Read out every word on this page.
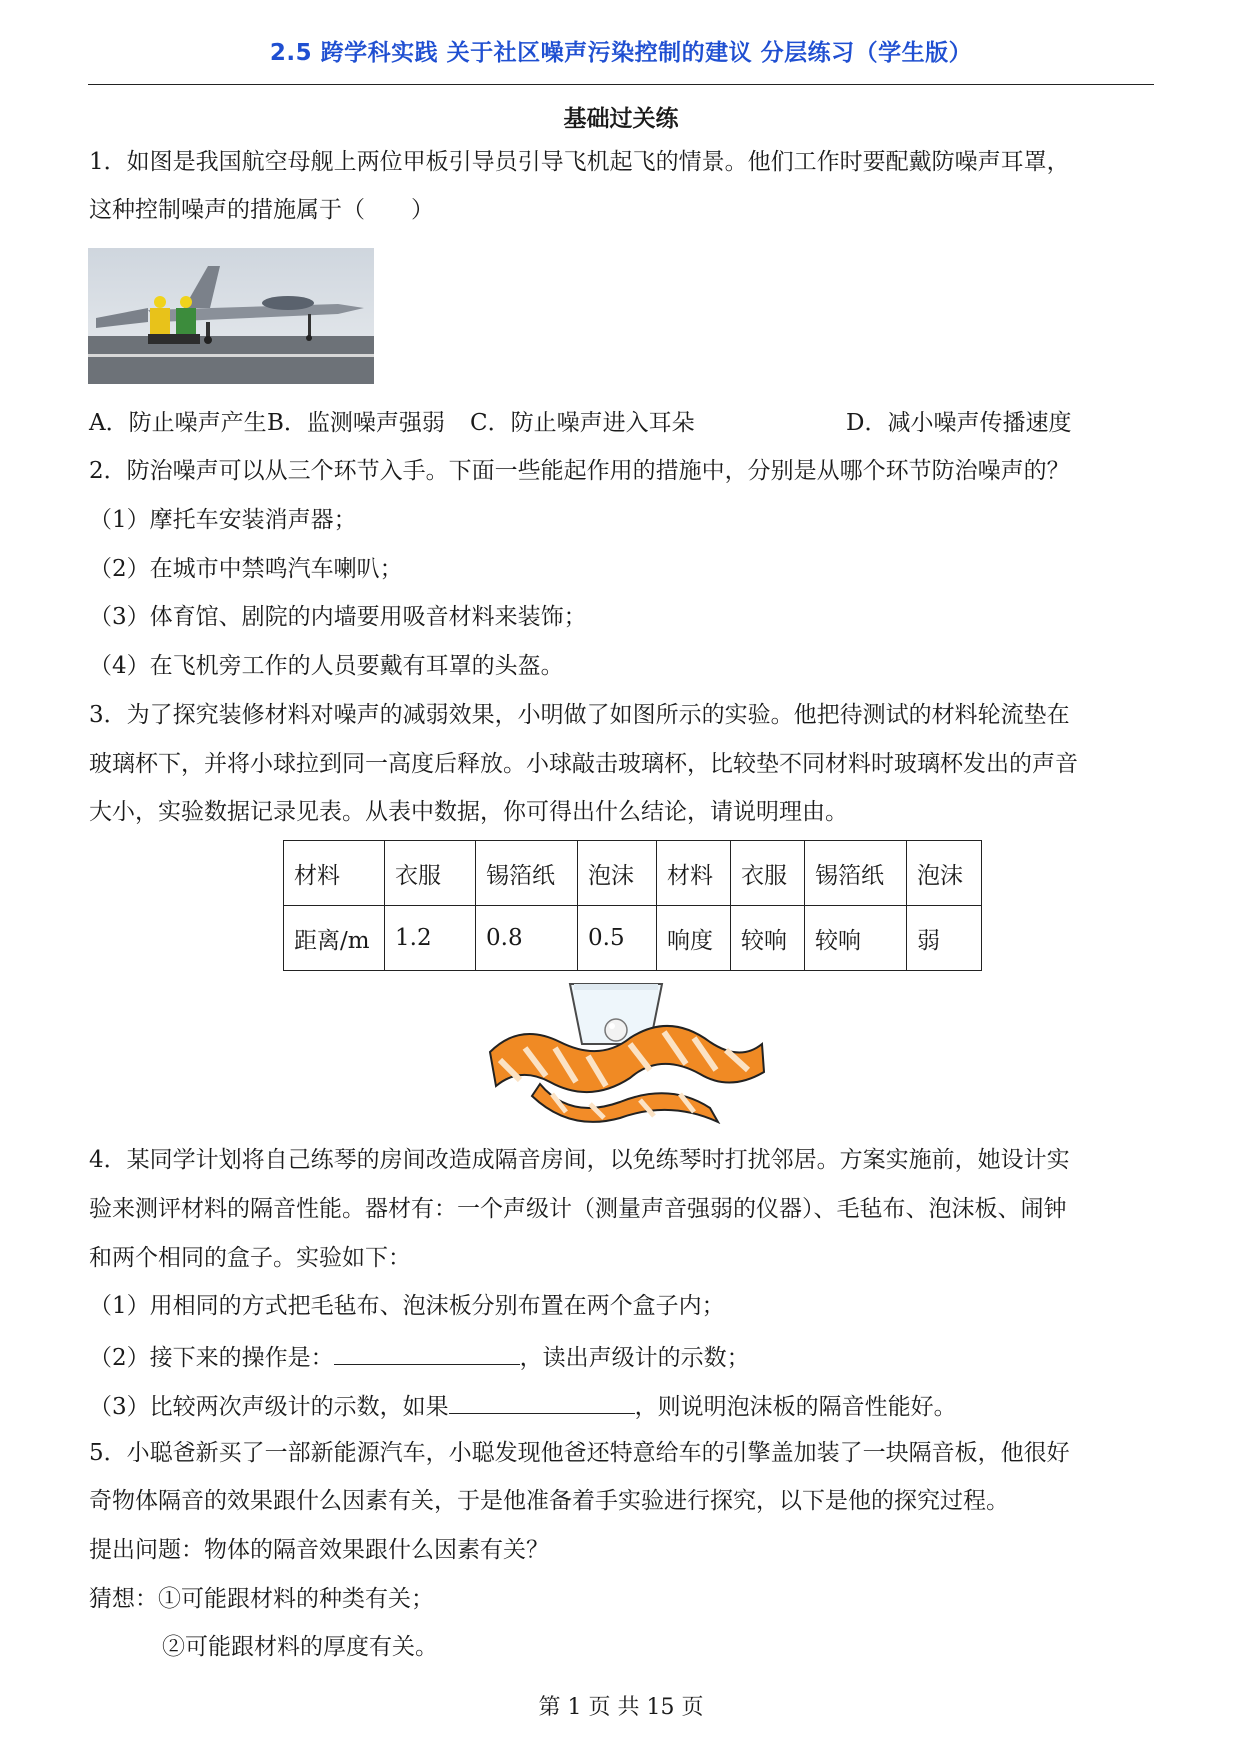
2.5 跨学科实践 关于社区噪声污染控制的建议 分层练习（学生版）
基础过关练
1．如图是我国航空母舰上两位甲板引导员引导飞机起飞的情景。他们工作时要配戴防噪声耳罩，
这种控制噪声的措施属于（　　）
A．防止噪声产生 B．监测噪声强弱 C．防止噪声进入耳朵	D．减小噪声传播速度
2．防治噪声可以从三个环节入手。下面一些能起作用的措施中，分别是从哪个环节防治噪声的？
（1）摩托车安装消声器；
（2）在城市中禁鸣汽车喇叭；
（3）体育馆、剧院的内墙要用吸音材料来装饰；
（4）在飞机旁工作的人员要戴有耳罩的头盔。
3．为了探究装修材料对噪声的减弱效果，小明做了如图所示的实验。他把待测试的材料轮流垫在
玻璃杯下，并将小球拉到同一高度后释放。小球敲击玻璃杯，比较垫不同材料时玻璃杯发出的声音
大小，实验数据记录见表。从表中数据，你可得出什么结论，请说明理由。
材料	衣服	锡箔纸	泡沫	材料	衣服	锡箔纸	泡沫
距离/m	1.2	0.8	0.5	响度	较响	较响	弱
4．某同学计划将自己练琴的房间改造成隔音房间，以免练琴时打扰邻居。方案实施前，她设计实
验来测评材料的隔音性能。器材有：一个声级计（测量声音强弱的仪器）、毛毡布、泡沫板、闹钟
和两个相同的盒子。实验如下：
（1）用相同的方式把毛毡布、泡沫板分别布置在两个盒子内；
（2）接下来的操作是：	，读出声级计的示数；
（3）比较两次声级计的示数，如果	，则说明泡沫板的隔音性能好。
5．小聪爸新买了一部新能源汽车，小聪发现他爸还特意给车的引擎盖加装了一块隔音板，他很好
奇物体隔音的效果跟什么因素有关，于是他准备着手实验进行探究，以下是他的探究过程。
提出问题：物体的隔音效果跟什么因素有关？
猜想：①可能跟材料的种类有关；
②可能跟材料的厚度有关。
第 1 页 共 15 页
